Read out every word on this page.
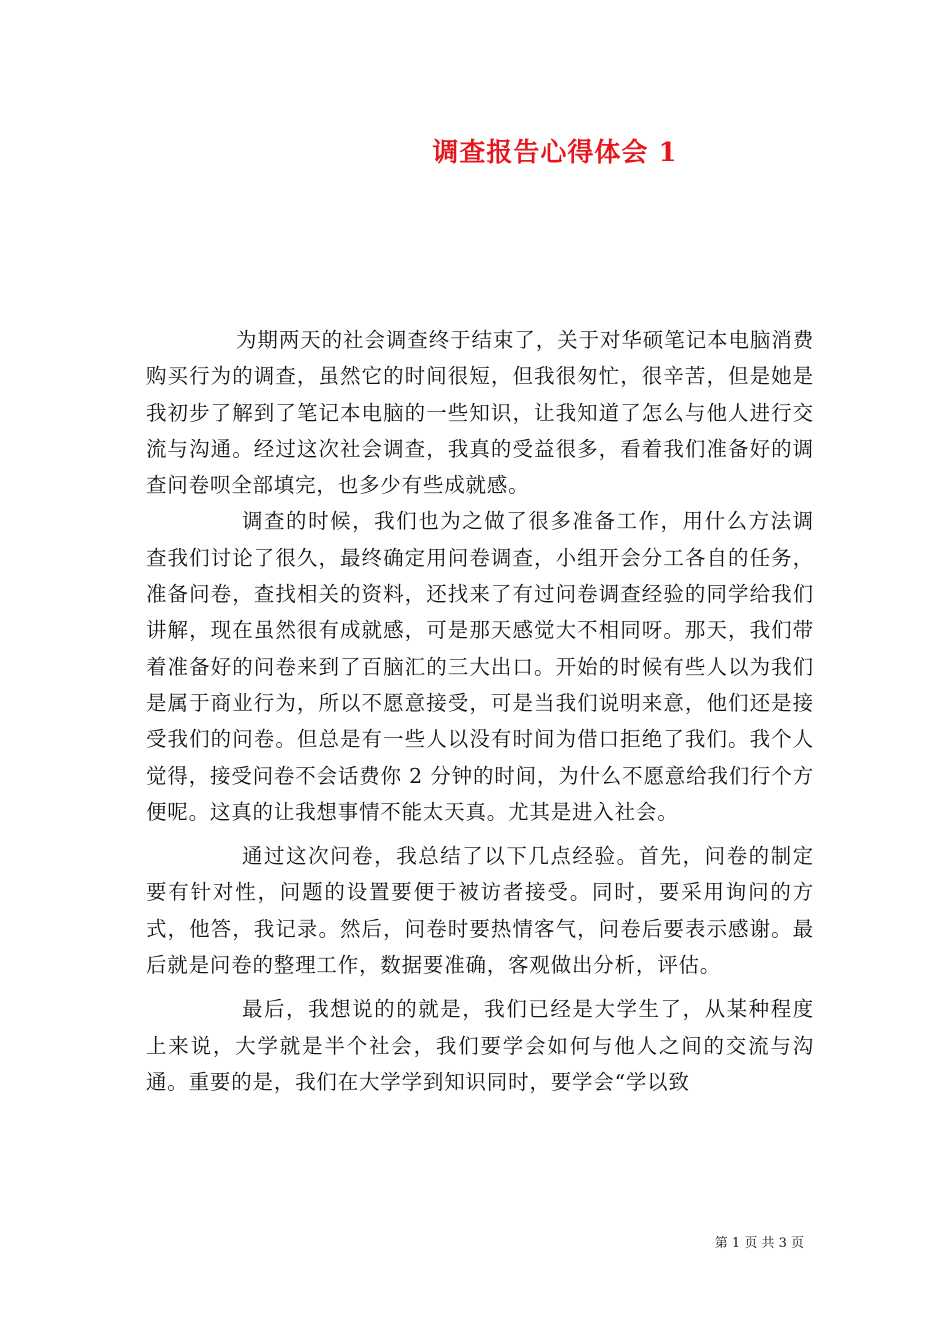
调查报告心得体会 1

为期两天的社会调查终于结束了，关于对华硕笔记本电脑消费购买行为的调查，虽然它的时间很短，但我很匆忙，很辛苦，但是她是我初步了解到了笔记本电脑的一些知识，让我知道了怎么与他人进行交流与沟通。经过这次社会调查，我真的受益很多，看着我们准备好的调查问卷呗全部填完，也多少有些成就感。

调查的时候，我们也为之做了很多准备工作，用什么方法调查我们讨论了很久，最终确定用问卷调查，小组开会分工各自的任务，准备问卷，查找相关的资料，还找来了有过问卷调查经验的同学给我们讲解，现在虽然很有成就感，可是那天感觉大不相同呀。那天，我们带着准备好的问卷来到了百脑汇的三大出口。开始的时候有些人以为我们是属于商业行为，所以不愿意接受，可是当我们说明来意，他们还是接受我们的问卷。但总是有一些人以没有时间为借口拒绝了我们。我个人觉得，接受问卷不会话费你 2 分钟的时间，为什么不愿意给我们行个方便呢。这真的让我想事情不能太天真。尤其是进入社会。

通过这次问卷，我总结了以下几点经验。首先，问卷的制定要有针对性，问题的设置要便于被访者接受。同时，要采用询问的方式，他答，我记录。然后，问卷时要热情客气，问卷后要表示感谢。最后就是问卷的整理工作，数据要准确，客观做出分析，评估。

最后，我想说的的就是，我们已经是大学生了，从某种程度上来说，大学就是半个社会，我们要学会如何与他人之间的交流与沟通。重要的是，我们在大学学到知识同时，要学会“学以致

第 1 页 共 3 页
